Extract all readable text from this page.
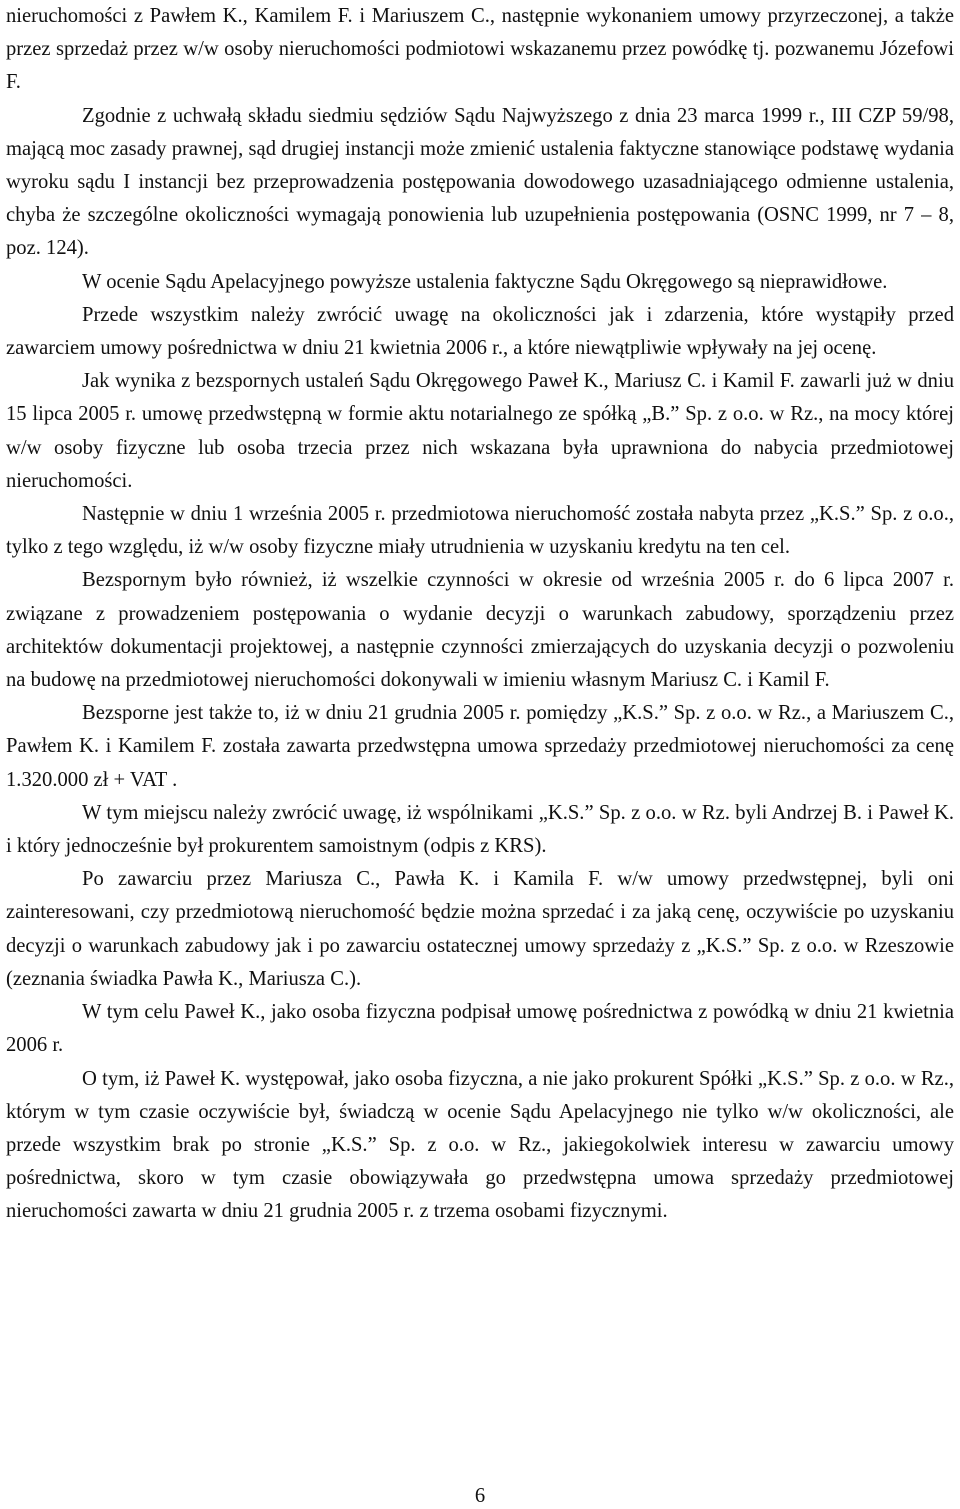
nieruchomości z Pawłem K., Kamilem F. i Mariuszem C., następnie wykonaniem umowy przyrzeczonej, a także przez sprzedaż przez w/w osoby nieruchomości podmiotowi wskazanemu przez powódkę tj. pozwanemu Józefowi F.

Zgodnie z uchwałą składu siedmiu sędziów Sądu Najwyższego z dnia 23 marca 1999 r., III CZP 59/98, mającą moc zasady prawnej, sąd drugiej instancji może zmienić ustalenia faktyczne stanowiące podstawę wydania wyroku sądu I instancji bez przeprowadzenia postępowania dowodowego uzasadniającego odmienne ustalenia, chyba że szczególne okoliczności wymagają ponowienia lub uzupełnienia postępowania (OSNC 1999, nr 7 – 8, poz. 124).

W ocenie Sądu Apelacyjnego powyższe ustalenia faktyczne Sądu Okręgowego są nieprawidłowe.

Przede wszystkim należy zwrócić uwagę na okoliczności jak i zdarzenia, które wystąpiły przed zawarciem umowy pośrednictwa w dniu 21 kwietnia 2006 r., a które niewątpliwie wpływały na jej ocenę.

Jak wynika z bezspornych ustaleń Sądu Okręgowego Paweł K., Mariusz C. i Kamil F. zawarli już w dniu 15 lipca 2005 r. umowę przedwstępną w formie aktu notarialnego ze spółką „B.” Sp. z o.o. w Rz., na mocy której w/w osoby fizyczne lub osoba trzecia przez nich wskazana była uprawniona do nabycia przedmiotowej nieruchomości.

Następnie w dniu 1 września 2005 r. przedmiotowa nieruchomość została nabyta przez „K.S.” Sp. z o.o., tylko z tego względu, iż w/w osoby fizyczne miały utrudnienia w uzyskaniu kredytu na ten cel.

Bezspornym było również, iż wszelkie czynności w okresie od września 2005 r. do 6 lipca 2007 r. związane z prowadzeniem postępowania o wydanie decyzji o warunkach zabudowy, sporządzeniu przez architektów dokumentacji projektowej, a następnie czynności zmierzających do uzyskania decyzji o pozwoleniu na budowę na przedmiotowej nieruchomości dokonywali w imieniu własnym Mariusz C. i Kamil F.

Bezsporne jest także to, iż w dniu 21 grudnia 2005 r. pomiędzy „K.S.” Sp. z o.o. w Rz., a Mariuszem C., Pawłem K. i Kamilem F. została zawarta przedwstępna umowa sprzedaży przedmiotowej nieruchomości za cenę 1.320.000 zł + VAT .

W tym miejscu należy zwrócić uwagę, iż wspólnikami „K.S.” Sp. z o.o. w Rz. byli Andrzej B. i Paweł K. i który jednocześnie był prokurentem samoistnym (odpis z KRS).

Po zawarciu przez Mariusza C., Pawła K. i Kamila F. w/w umowy przedwstępnej, byli oni zainteresowani, czy przedmiotową nieruchomość będzie można sprzedać i za jaką cenę, oczywiście po uzyskaniu decyzji o warunkach zabudowy jak i po zawarciu ostatecznej umowy sprzedaży z „K.S.” Sp. z o.o. w Rzeszowie (zeznania świadka Pawła K., Mariusza C.).

W tym celu Paweł K., jako osoba fizyczna podpisał umowę pośrednictwa z powódką w dniu 21 kwietnia 2006 r.

O tym, iż Paweł K. występował, jako osoba fizyczna, a nie jako prokurent Spółki „K.S.” Sp. z o.o. w Rz., którym w tym czasie oczywiście był, świadczą w ocenie Sądu Apelacyjnego nie tylko w/w okoliczności, ale przede wszystkim brak po stronie „K.S.” Sp. z o.o. w Rz., jakiegokolwiek interesu w zawarciu umowy pośrednictwa, skoro w tym czasie obowiązywała go przedwstępna umowa sprzedaży przedmiotowej nieruchomości zawarta w dniu 21 grudnia 2005 r. z trzema osobami fizycznymi.

6
